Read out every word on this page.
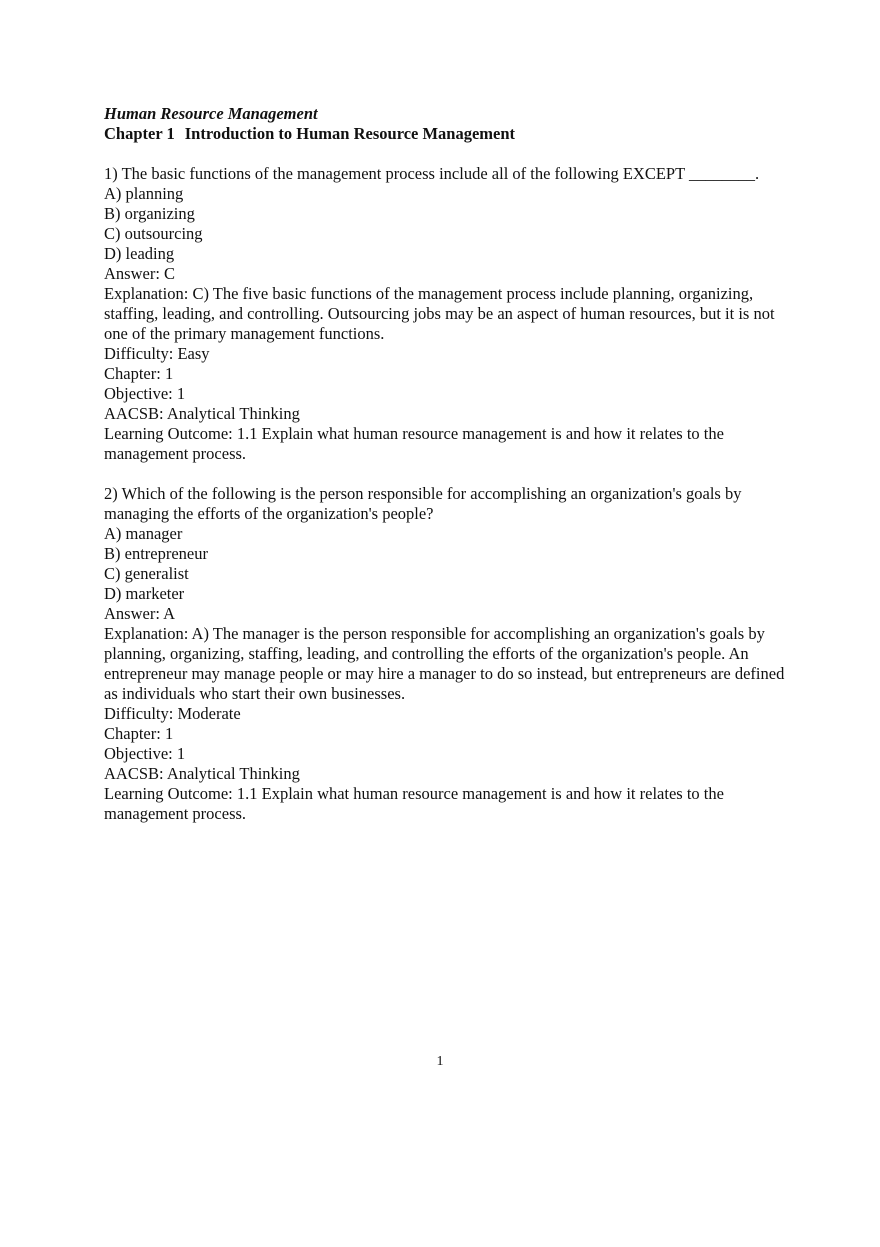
Human Resource Management

Chapter 1 Introduction to Human Resource Management

1) The basic functions of the management process include all of the following EXCEPT ________.

A) planning

B) organizing

C) outsourcing

D) leading

Answer: C

Explanation: C) The five basic functions of the management process include planning, organizing, staffing, leading, and controlling. Outsourcing jobs may be an aspect of human resources, but it is not one of the primary management functions.

Difficulty: Easy

Chapter: 1

Objective: 1

AACSB: Analytical Thinking

Learning Outcome: 1.1 Explain what human resource management is and how it relates to the management process.

2) Which of the following is the person responsible for accomplishing an organization's goals by managing the efforts of the organization's people?

A) manager

B) entrepreneur

C) generalist

D) marketer

Answer: A

Explanation: A) The manager is the person responsible for accomplishing an organization's goals by planning, organizing, staffing, leading, and controlling the efforts of the organization's people. An entrepreneur may manage people or may hire a manager to do so instead, but entrepreneurs are defined as individuals who start their own businesses.

Difficulty: Moderate

Chapter: 1

Objective: 1

AACSB: Analytical Thinking

Learning Outcome: 1.1 Explain what human resource management is and how it relates to the management process.

1
